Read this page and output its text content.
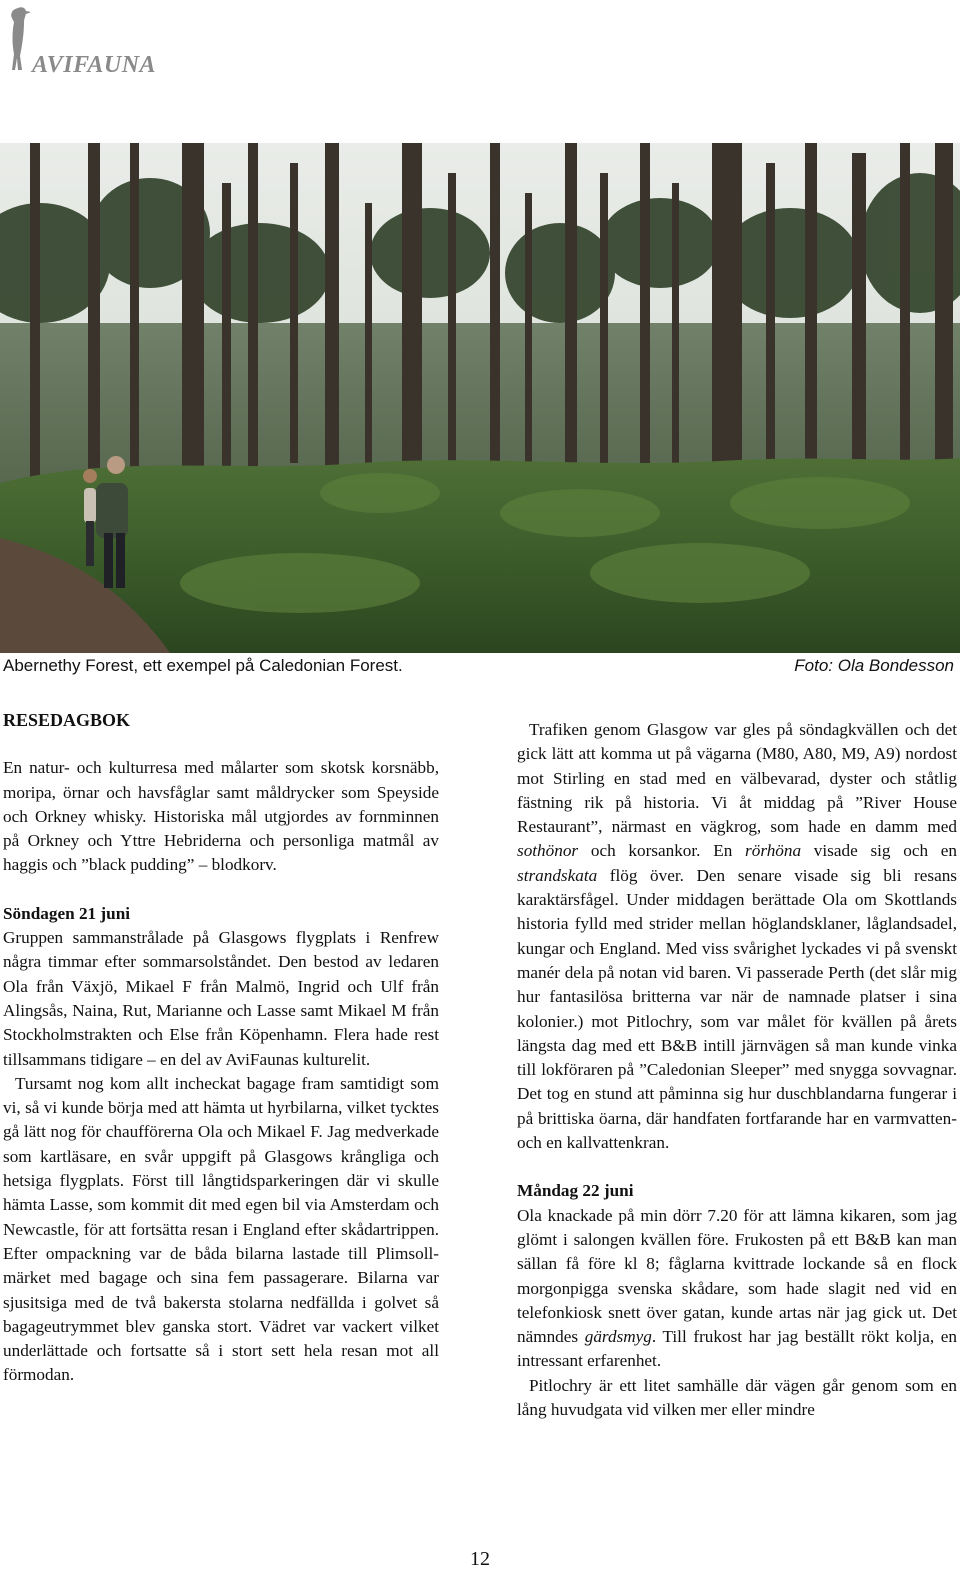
AVIFAUNA
Abernethy Forest, ett exempel på Caledonian Forest.	Foto: Ola Bondesson

RESEDAGBOK

En natur- och kulturresa med målarter som skotsk korsnäbb, moripa, örnar och havsfåglar samt måldrycker som Speyside och Orkney whisky. Historiska mål utgjordes av fornminnen på Orkney och Yttre Hebriderna och personliga matmål av haggis och ”black pudding” – blodkorv.

Söndagen 21 juni

Gruppen sammanstrålade på Glasgows flygplats i Renfrew några timmar efter sommarsolståndet. Den bestod av ledaren Ola från Växjö, Mikael F från Malmö, Ingrid och Ulf från Alingsås, Naina, Rut, Marianne och Lasse samt Mikael M från Stockholmstrakten och Else från Köpenhamn. Flera hade rest tillsammans tidigare – en del av AviFaunas kulturelit.

Tursamt nog kom allt incheckat bagage fram samtidigt som vi, så vi kunde börja med att hämta ut hyrbilarna, vilket tycktes gå lätt nog för chaufförerna Ola och Mikael F. Jag medverkade som kartläsare, en svår uppgift på Glasgows krångliga och hetsiga flygplats. Först till långtidsparkeringen där vi skulle hämta Lasse, som kommit dit med egen bil via Amsterdam och Newcastle, för att fortsätta resan i England efter skådartrippen. Efter ompackning var de båda bilarna lastade till Plimsoll-märket med bagage och sina fem passagerare. Bilarna var sjusitsiga med de två bakersta stolarna nedfällda i golvet så bagageutrymmet blev ganska stort. Vädret var vackert vilket underlättade och fortsatte så i stort sett hela resan mot all förmodan.

Trafiken genom Glasgow var gles på söndagkvällen och det gick lätt att komma ut på vägarna (M80, A80, M9, A9) nordost mot Stirling en stad med en välbevarad, dyster och ståtlig fästning rik på historia. Vi åt middag på ”River House Restaurant”, närmast en vägkrog, som hade en damm med sothönor och korsankor. En rörhöna visade sig och en strandskata flög över. Den senare visade sig bli resans karaktärsfågel. Under middagen berättade Ola om Skottlands historia fylld med strider mellan höglandsklaner, låglandsadel, kungar och England. Med viss svårighet lyckades vi på svenskt manér dela på notan vid baren. Vi passerade Perth (det slår mig hur fantasilösa britterna var när de namnade platser i sina kolonier.) mot Pitlochry, som var målet för kvällen på årets längsta dag med ett B&B intill järnvägen så man kunde vinka till lokföraren på ”Caledonian Sleeper” med snygga sovvagnar. Det tog en stund att påminna sig hur duschblandarna fungerar i på brittiska öarna, där handfaten fortfarande har en varmvatten- och en kallvattenkran.

Måndag 22 juni

Ola knackade på min dörr 7.20 för att lämna kikaren, som jag glömt i salongen kvällen före. Frukosten på ett B&B kan man sällan få före kl 8; fåglarna kvittrade lockande så en flock morgonpigga svenska skådare, som hade slagit ned vid en telefonkiosk snett över gatan, kunde artas när jag gick ut. Det nämndes gärdsmyg. Till frukost har jag beställt rökt kolja, en intressant erfarenhet.

Pitlochry är ett litet samhälle där vägen går genom som en lång huvudgata vid vilken mer eller mindre

12
